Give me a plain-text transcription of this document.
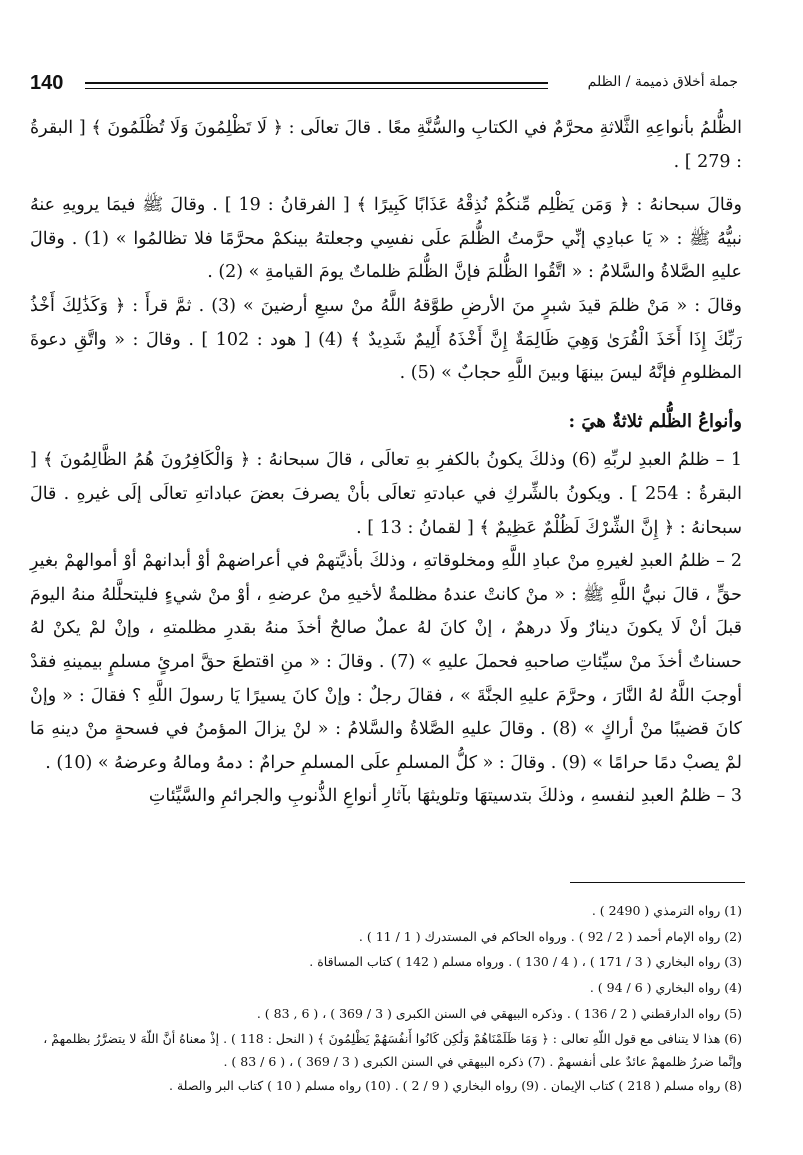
140	جملة أخلاق ذميمة / الظلم

الظُّلمُ بأنواعِهِ الثَّلاثةِ محرَّمٌ في الكتابِ والسُّنَّةِ معًا . قالَ تعالَى : ﴿ لَا تَظْلِمُونَ وَلَا تُظْلَمُونَ ﴾ [ البقرةُ : 279 ] .

وقالَ سبحانهُ : ﴿ وَمَن يَظْلِم مِّنكُمْ نُذِقْهُ عَذَابًا كَبِيرًا ﴾ [ الفرقانُ : 19 ] . وقالَ ﷺ فيمَا يرويهِ عنهُ نبيُّهُ ﷺ : « يَا عبادِي إنِّي حرَّمتُ الظُّلمَ علَى نفسِي وجعلتهُ بينكمْ محرَّمًا فلا تظالمُوا » (1) . وقالَ عليهِ الصَّلاةُ والسَّلامُ : « اتَّقُوا الظُّلمَ فإنَّ الظُّلمَ ظلماتٌ يومَ القيامةِ » (2) .

وقالَ : « مَنْ ظلمَ قيدَ شبرٍ منَ الأرضِ طوَّقهُ اللَّهُ منْ سبعِ أرضينَ » (3) . ثمَّ قرأَ : ﴿ وَكَذَٰلِكَ أَخْذُ رَبِّكَ إِذَا أَخَذَ الْقُرَىٰ وَهِيَ ظَالِمَةٌ إِنَّ أَخْذَهُ أَلِيمٌ شَدِيدٌ ﴾ (4) [ هود : 102 ] . وقالَ : « واتَّقِ دعوةَ المظلومِ فإنَّهُ ليسَ بينهَا وبينَ اللَّهِ حجابٌ » (5) .

وأنواعُ الظُّلم ثلاثةٌ هيَ :

1 – ظلمُ العبدِ لربِّهِ (6) وذلكَ يكونُ بالكفرِ بهِ تعالَى ، قالَ سبحانهُ : ﴿ وَالْكَافِرُونَ هُمُ الظَّالِمُونَ ﴾ [ البقرةُ : 254 ] . ويكونُ بالشِّركِ في عبادتهِ تعالَى بأنْ يصرفَ بعضَ عباداتهِ تعالَى إلَى غيرهِ . قالَ سبحانهُ : ﴿ إِنَّ الشِّرْكَ لَظُلْمٌ عَظِيمٌ ﴾ [ لقمانُ : 13 ] .

2 – ظلمُ العبدِ لغيرهِ منْ عبادِ اللَّهِ ومخلوقاتهِ ، وذلكَ بأذيَّتهمْ في أعراضهمْ أوْ أبدانهمْ أوْ أموالهمْ بغيرِ حقٍّ ، قالَ نبيُّ اللَّهِ ﷺ : « منْ كانتْ عندهُ مظلمةٌ لأخيهِ منْ عرضهِ ، أوْ منْ شيءٍ فليتحلَّلهُ منهُ اليومَ قبلَ أنْ لَا يكونَ دينارٌ ولَا درهمٌ ، إنْ كانَ لهُ عملٌ صالحٌ أخذَ منهُ بقدرِ مظلمتهِ ، وإنْ لمْ يكنْ لهُ حسناتٌ أخذَ منْ سيِّئاتِ صاحبهِ فحملَ عليهِ » (7) . وقالَ : « منِ اقتطعَ حقَّ امرئٍ مسلمٍ بيمينهِ فقدْ أوجبَ اللَّهُ لهُ النَّارَ ، وحرَّمَ عليهِ الجنَّةَ » ، فقالَ رجلٌ : وإنْ كانَ يسيرًا يَا رسولَ اللَّهِ ؟ فقالَ : « وإنْ كانَ قضيبًا منْ أراكٍ » (8) . وقالَ عليهِ الصَّلاةُ والسَّلامُ : « لنْ يزالَ المؤمنُ في فسحةٍ منْ دينهِ مَا لمْ يصبْ دمًا حرامًا » (9) . وقالَ : « كلُّ المسلمِ علَى المسلمِ حرامٌ : دمهُ ومالهُ وعرضهُ » (10) .

3 – ظلمُ العبدِ لنفسهِ ، وذلكَ بتدسيتهَا وتلويثهَا بآثارِ أنواعِ الذُّنوبِ والجرائمِ والسَّيِّئاتِ

(1) رواه الترمذي ( 2490 ) .

(2) رواه الإمام أحمد ( 2 / 92 ) . ورواه الحاكم في المستدرك ( 1 / 11 ) .

(3) رواه البخاري ( 3 / 171 ) ، ( 4 / 130 ) . ورواه مسلم ( 142 ) كتاب المساقاة .

(4) رواه البخاري ( 6 / 94 ) .

(5) رواه الدارقطني ( 2 / 136 ) . وذكره البيهقي في السنن الكبرى ( 3 / 369 ) ، ( 6 , 83 ) .

(6) هذا لا يتنافى مع قول اللّهِ تعالى : ﴿ وَمَا ظَلَمْنَاهُمْ وَلَٰكِن كَانُوا أَنفُسَهُمْ يَظْلِمُونَ ﴾ ( النحل : 118 ) . إذْ معناهُ أنَّ اللّهَ لا يتضرَّرُ بظلمهمْ ، وإنَّما ضررُ ظلمهمْ عائدٌ على أنفسهمْ . (7) ذكره البيهقي في السنن الكبرى ( 3 / 369 ) ، ( 6 / 83 ) .

(8) رواه مسلم ( 218 ) كتاب الإيمان . (9) رواه البخاري ( 9 / 2 ) . (10) رواه مسلم ( 10 ) كتاب البر والصلة .
